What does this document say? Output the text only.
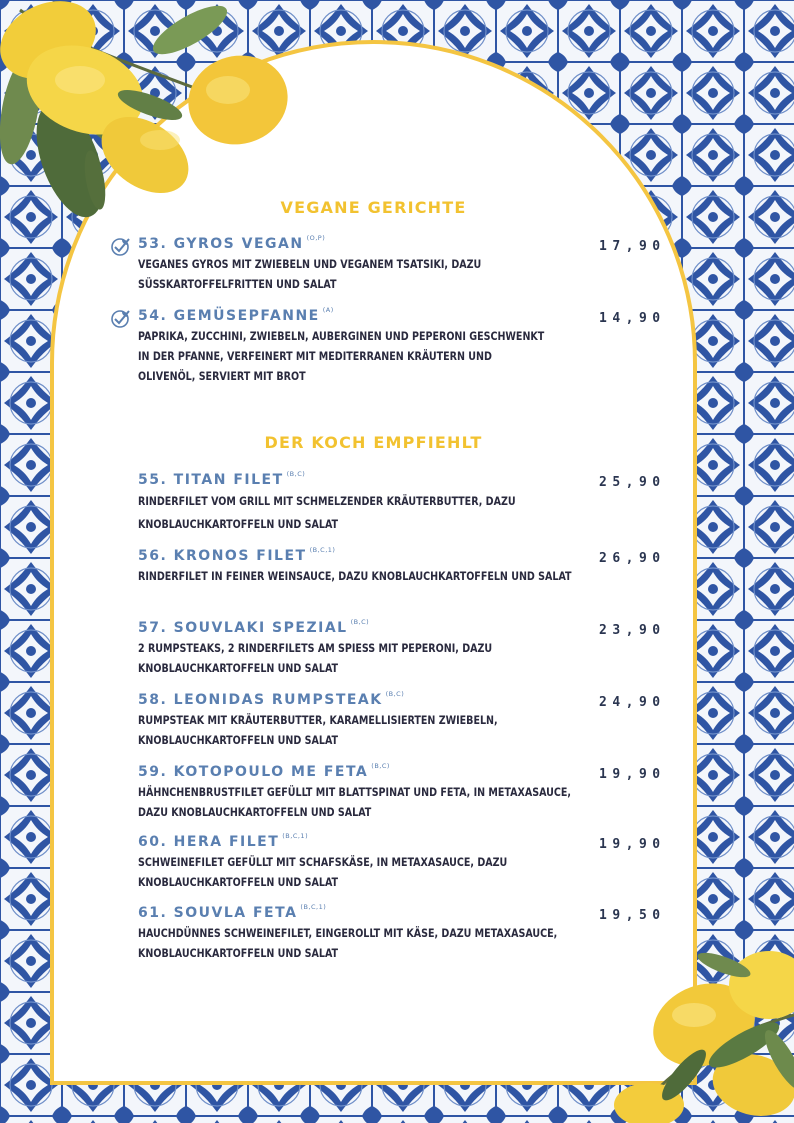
VEGANE GERICHTE
53. GYROS VEGAN $^{(O,P)}$
VEGANES GYROS MIT ZWIEBELN UND VEGANEM TSATSIKI, DAZU SÜSSKARTOFFELFRITTEN UND SALAT
17,90
54. GEMÜSEPFANNE $^{(A)}$
PAPRIKA, ZUCCHINI, ZWIEBELN, AUBERGINEN UND PEPERONI GESCHWENKT IN DER PFANNE, VERFEINERT MIT MEDITERRANEN KRÄUTERN UND OLIVENÖL, SERVIERT MIT BROT
14,90
DER KOCH EMPFIEHLT
55. TITAN FILET $^{(B,C)}$
RINDERFILET VOM GRILL MIT SCHMELZENDER KRÄUTERBUTTER, DAZU KNOBLAUCHKARTOFFELN UND SALAT
25,90
56. KRONOS FILET $^{(B,C,1)}$
RINDERFILET IN FEINER WEINSAUCE, DAZU KNOBLAUCHKARTOFFELN UND SALAT
26,90
57. SOUVLAKI SPEZIAL $^{(B,C)}$
2 RUMPSTEAKS, 2 RINDERFILETS AM SPIESS MIT PEPERONI, DAZU KNOBLAUCHKARTOFFELN UND SALAT
23,90
58. LEONIDAS RUMPSTEAK $^{(B,C)}$
RUMPSTEAK MIT KRÄUTERBUTTER, KARAMELLISIERTEN ZWIEBELN, KNOBLAUCHKARTOFFELN UND SALAT
24,90
59. KOTOPOULO ME FETA $^{(B,C)}$
HÄHNCHENBRUSTFILET GEFÜLLT MIT BLATTSPINAT UND FETA, IN METAXASAUCE, DAZU KNOBLAUCHKARTOFFELN UND SALAT
19,90
60. HERA FILET $^{(B,C,1)}$
SCHWEINEFILET GEFÜLLT MIT SCHAFSKÄSE, IN METAXASAUCE, DAZU KNOBLAUCHKARTOFFELN UND SALAT
19,90
61. SOUVLA FETA $^{(B,C,1)}$
HAUCHDÜNNES SCHWEINEFILET, EINGEROLLT MIT KÄSE, DAZU METAXASAUCE, KNOBLAUCHKARTOFFELN UND SALAT
19,50
